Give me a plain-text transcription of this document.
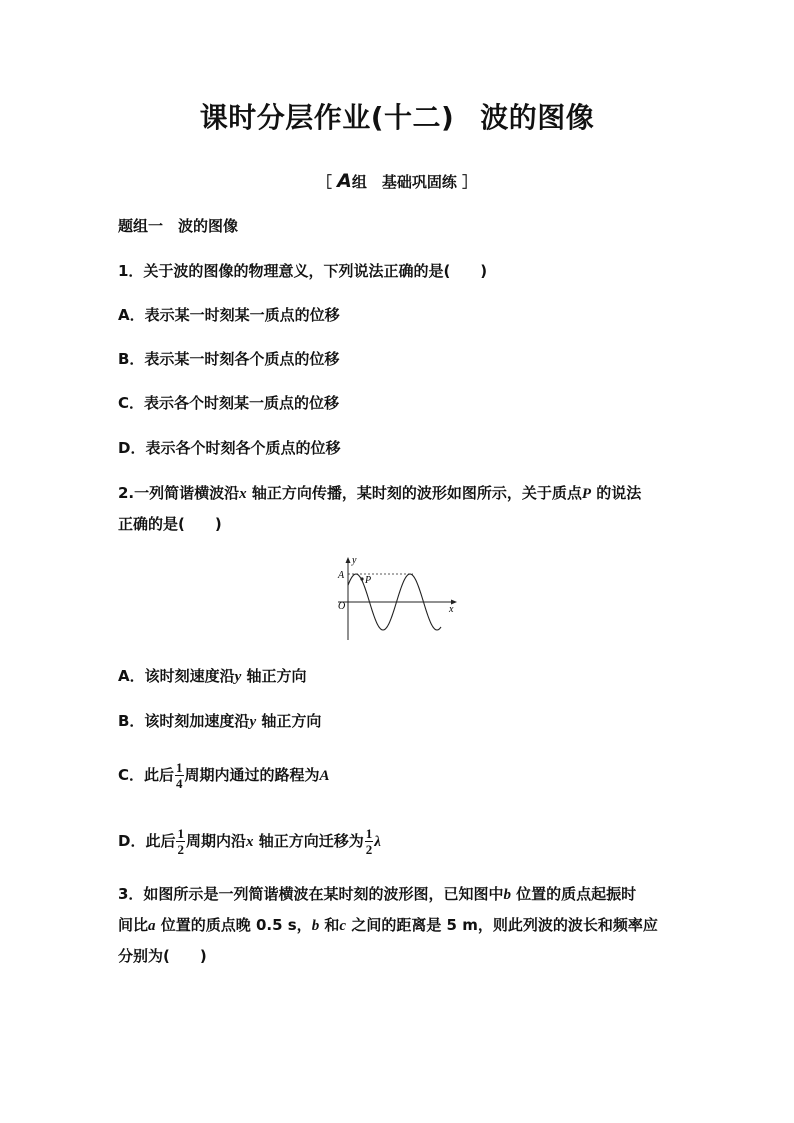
课时分层作业(十二) 波的图像
［ A组　基础巩固练 ］
题组一　波的图像
1．关于波的图像的物理意义，下列说法正确的是(　　)
A．表示某一时刻某一质点的位移
B．表示某一时刻各个质点的位移
C．表示各个时刻某一质点的位移
D．表示各个时刻各个质点的位移
2.一列简谐横波沿x 轴正方向传播，某时刻的波形如图所示，关于质点P 的说法
正确的是(　　)
y
x
O
A P
A．该时刻速度沿y 轴正方向
B．该时刻加速度沿y 轴正方向
C．此后 $\frac{1}{4}$ 周期内通过的路程为A
D．此后 $\frac{1}{2}$ 周期内沿x 轴正方向迁移为 $\frac{1}{2}$ λ
3．如图所示是一列简谐横波在某时刻的波形图，已知图中b 位置的质点起振时
间比a 位置的质点晚 0.5 s，b 和c 之间的距离是 5 m，则此列波的波长和频率应
分别为(　　)
